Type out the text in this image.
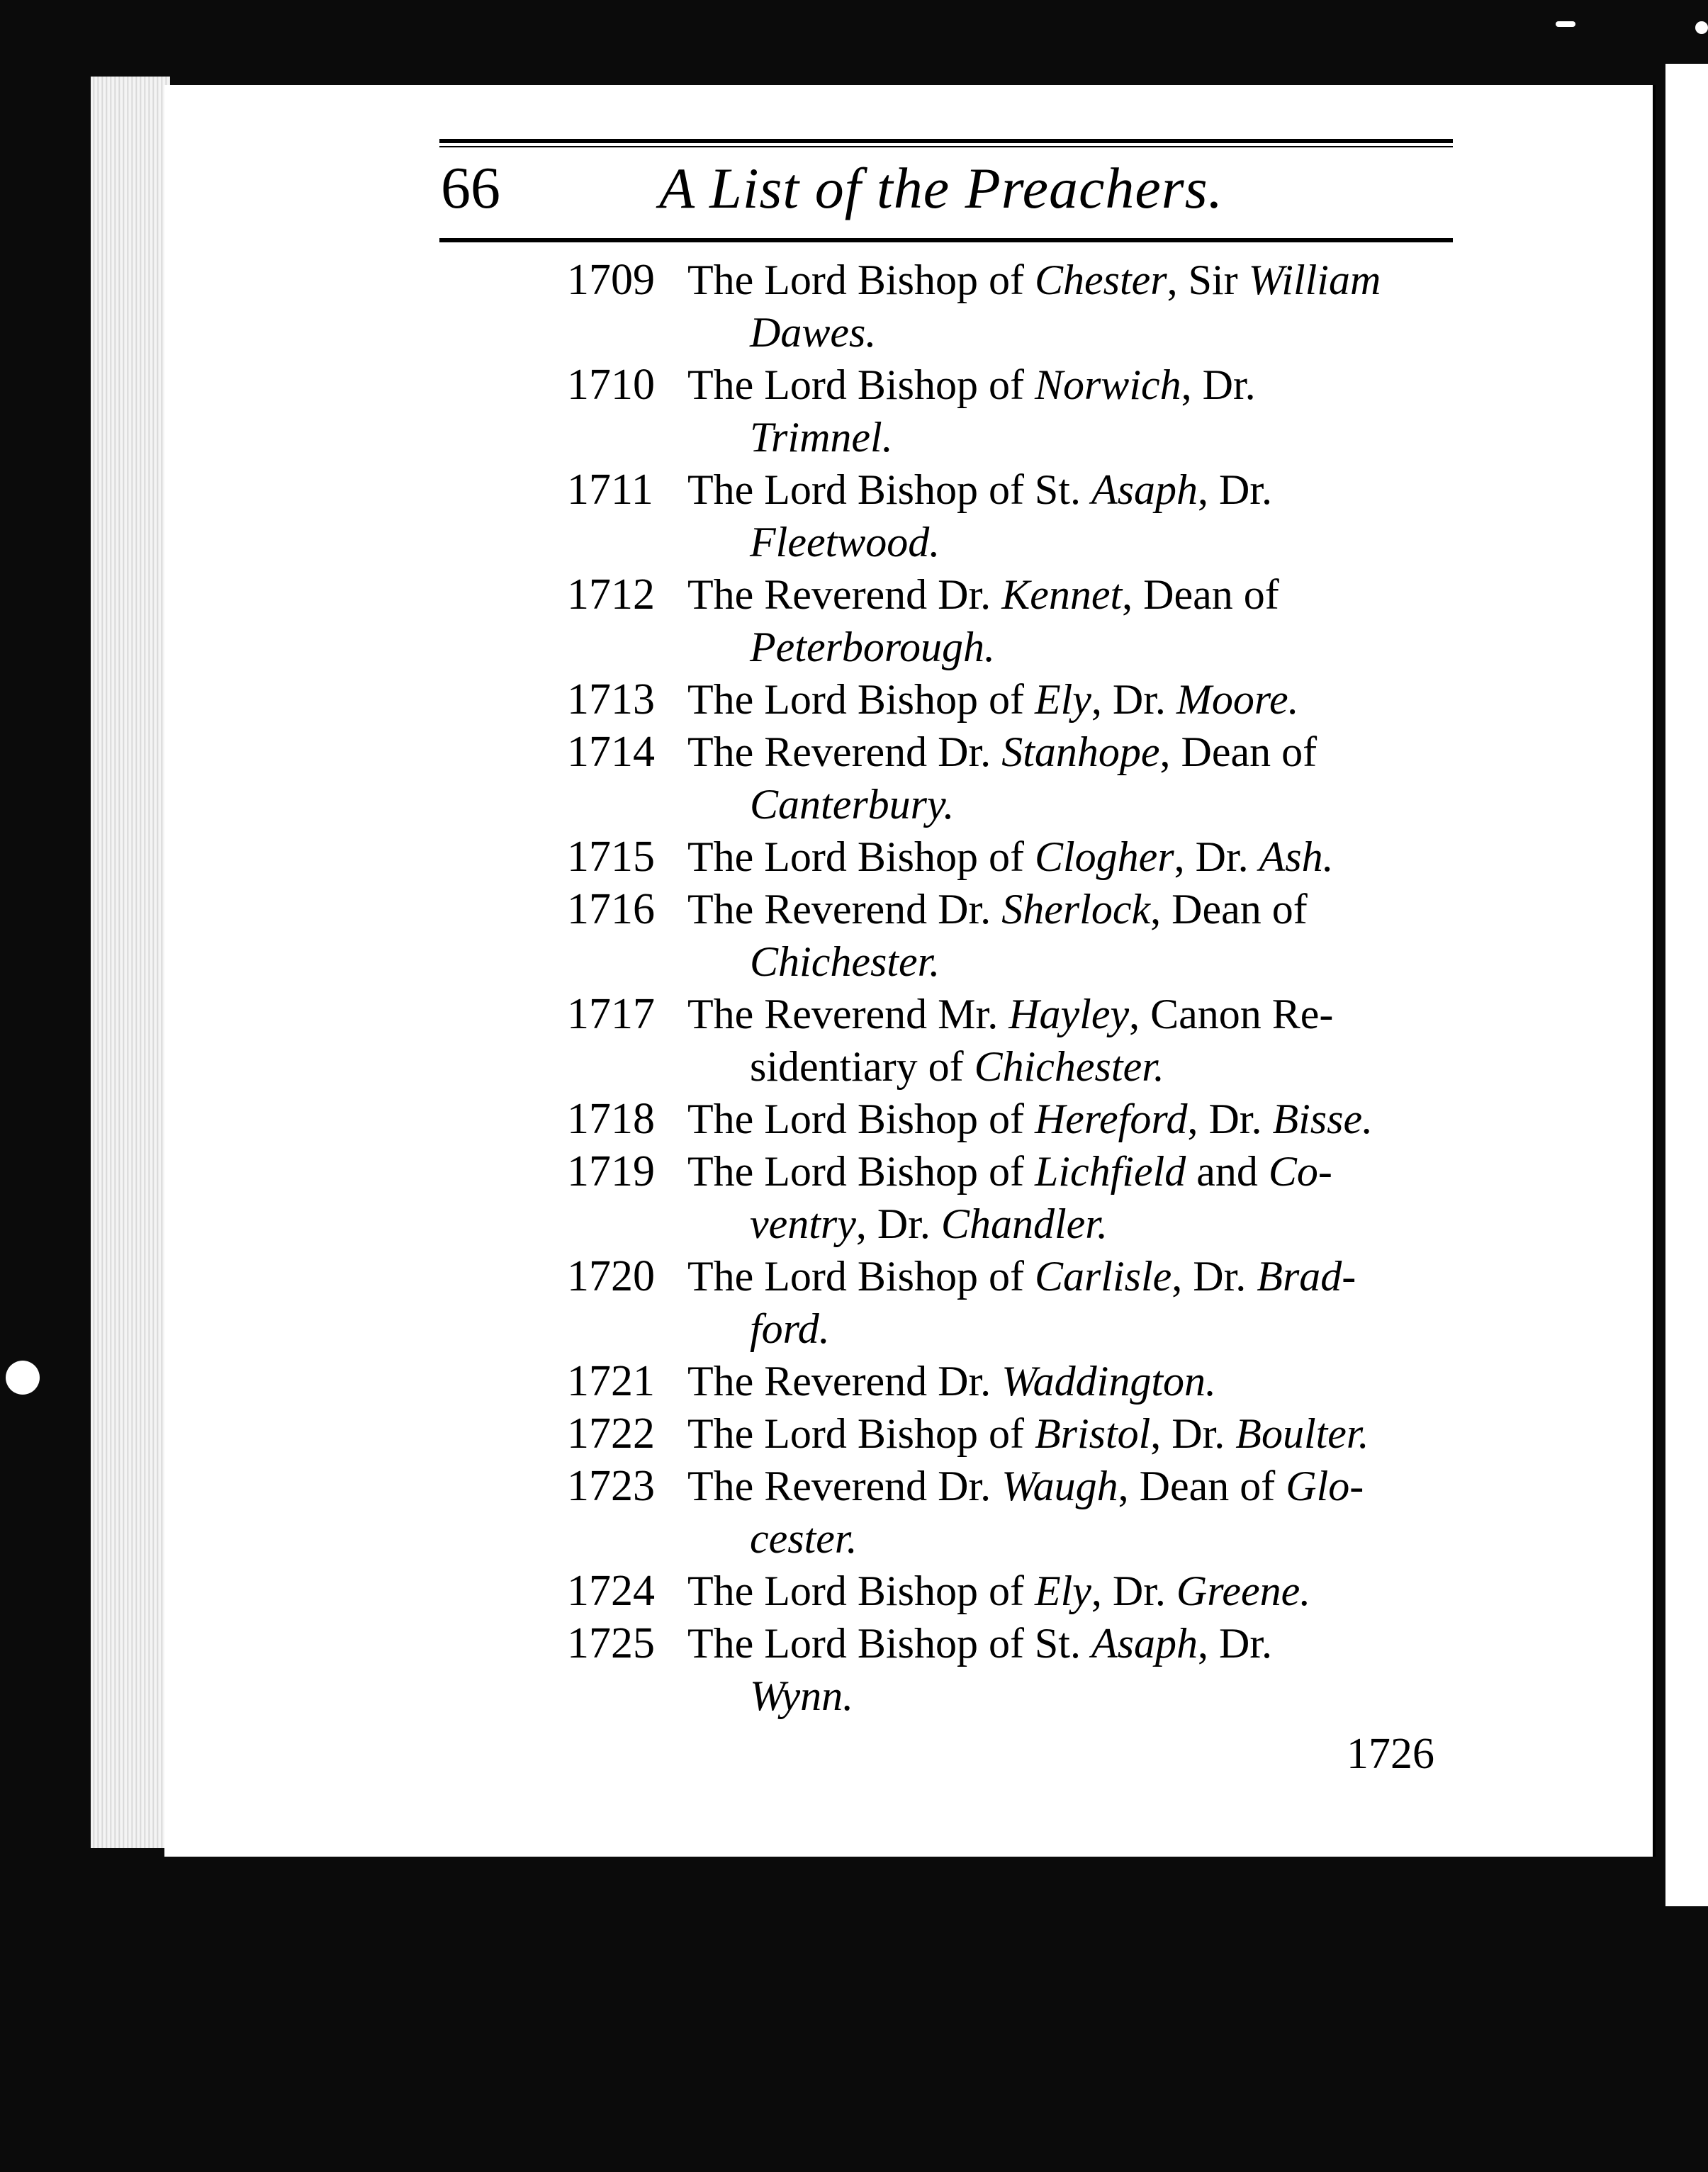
66	A List of the Preachers.
1709 The Lord Bishop of Chester, Sir William
Dawes.
1710 The Lord Bishop of Norwich, Dr.
Trimnel.
1711 The Lord Bishop of St. Asaph, Dr.
Fleetwood.
1712 The Reverend Dr. Kennet, Dean of
Peterborough.
1713 The Lord Bishop of Ely, Dr. Moore.
1714 The Reverend Dr. Stanhope, Dean of
Canterbury.
1715 The Lord Bishop of Clogher, Dr. Ash.
1716 The Reverend Dr. Sherlock, Dean of
Chichester.
1717 The Reverend Mr. Hayley, Canon Re-
sidentiary of Chichester.
1718 The Lord Bishop of Hereford, Dr. Bisse.
1719 The Lord Bishop of Lichfield and Co-
ventry, Dr. Chandler.
1720 The Lord Bishop of Carlisle, Dr. Brad-
ford.
1721 The Reverend Dr. Waddington.
1722 The Lord Bishop of Bristol, Dr. Boulter.
1723 The Reverend Dr. Waugh, Dean of Glo-
cester.
1724 The Lord Bishop of Ely, Dr. Greene.
1725 The Lord Bishop of St. Asaph, Dr.
Wynn.
1726
